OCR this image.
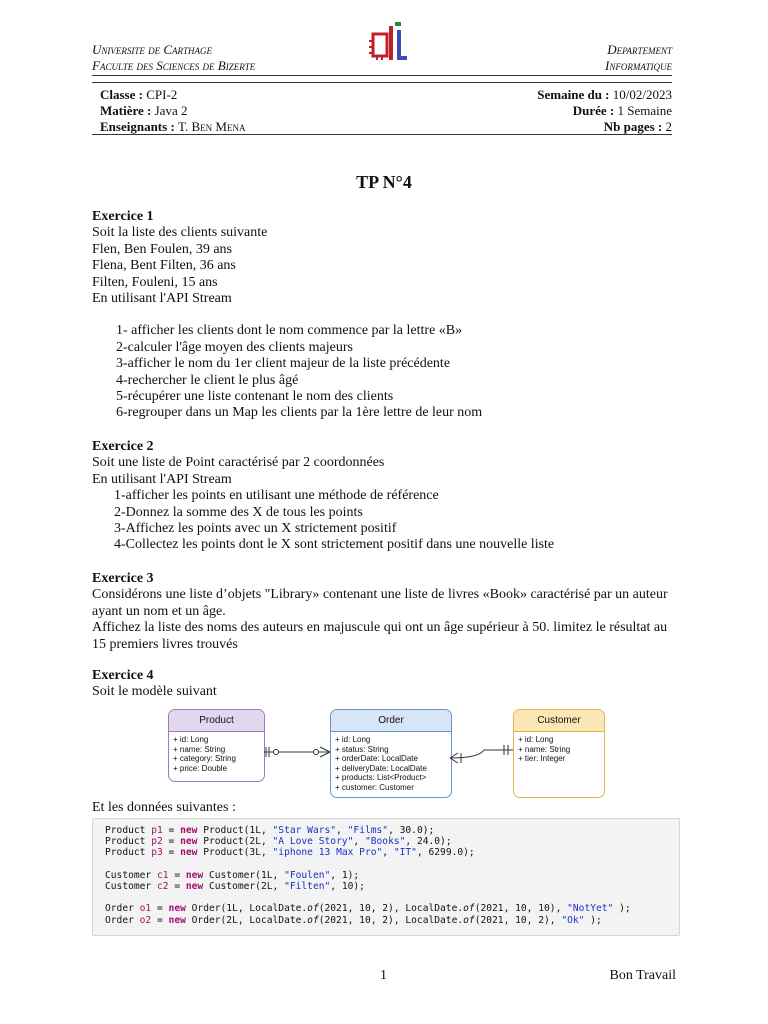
Universite de Carthage
Faculte des Sciences de Bizerte
Departement
Informatique
Classe : CPI-2
Matière : Java 2
Enseignants : T. Ben Mena
Semaine du : 10/02/2023
Durée : 1 Semaine
Nb pages : 2
TP N°4

Exercice 1

Soit la liste des clients suivante

Flen, Ben Foulen, 39 ans

Flena, Bent Filten, 36 ans

Filten, Fouleni, 15 ans

En utilisant l'API Stream

1- afficher les clients dont le nom commence par la lettre «B»

2-calculer l'âge moyen des clients majeurs

3-afficher le nom du 1er client majeur de la liste précédente

4-rechercher le client le plus âgé

5-récupérer une liste contenant le nom des clients

6-regrouper dans un Map les clients par la 1ère lettre de leur nom

Exercice 2

Soit une liste de Point caractérisé par 2 coordonnées

En utilisant l'API Stream

1-afficher les points en utilisant une méthode de référence

2-Donnez la somme des X de tous les points

3-Affichez les points avec un X strictement positif

4-Collectez les points dont le X sont strictement positif dans une nouvelle liste

Exercice 3

Considérons une liste d’objets "Library» contenant une liste de livres «Book» caractérisé par un auteur ayant un nom et un âge.

Affichez la liste des noms des auteurs en majuscule qui ont un âge supérieur à 50. limitez le résultat au 15 premiers livres trouvés

Exercice 4

Soit le modèle suivant

Product
+ id: Long
+ name: String
+ category: String
+ price: Double
Order
+ id: Long
+ status: String
+ orderDate: LocalDate
+ deliveryDate: LocalDate
+ products: List<Product>
+ customer: Customer
Customer
+ id: Long
+ name: String
+ tier: Integer
Et les données suivantes :
Product p1 = new Product(1L, "Star Wars", "Films", 30.0);
Product p2 = new Product(2L, "A Love Story", "Books", 24.0);
Product p3 = new Product(3L, "iphone 13 Max Pro", "IT", 6299.0);
Customer c1 = new Customer(1L, "Foulen", 1);
Customer c2 = new Customer(2L, "Filten", 10);
Order o1 = new Order(1L, LocalDate.of(2021, 10, 2), LocalDate.of(2021, 10, 10), "NotYet" );
Order o2 = new Order(2L, LocalDate.of(2021, 10, 2), LocalDate.of(2021, 10, 2), "Ok" );
1	Bon Travail
